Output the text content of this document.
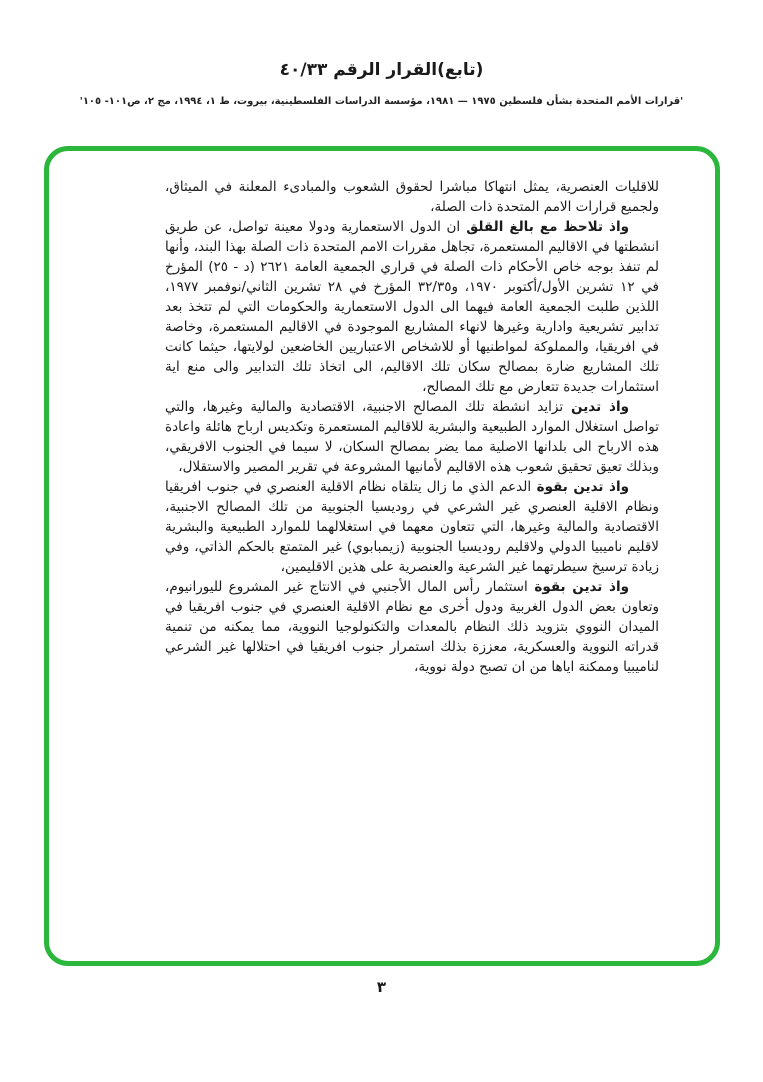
(تابع)القرار الرقم ٤٠/٣٣
'قرارات الأمم المتحدة بشأن فلسطين ١٩٧٥ — ١٩٨١، مؤسسة الدراسات الفلسطينية، بيروت، ط ١، ١٩٩٤، مج ٢، ص١٠١- ١٠٥'

للاقليات العنصرية، يمثل انتهاكا مباشرا لحقوق الشعوب والمبادىء المعلنة في الميثاق، ولجميع قرارات الامم المتحدة ذات الصلة،

واذ تلاحظ مع بالغ القلق ان الدول الاستعمارية ودولا معينة تواصل، عن طريق انشطتها في الاقاليم المستعمرة، تجاهل مقررات الامم المتحدة ذات الصلة بهذا البند، وأنها لم تنفذ بوجه خاص الأحكام ذات الصلة في قراري الجمعية العامة ٢٦٢١ (د - ٢٥) المؤرخ في ١٢ تشرين الأول/أكتوبر ١٩٧٠، و٣٢/٣٥ المؤرخ في ٢٨ تشرين الثاني/نوفمبر ١٩٧٧، اللذين طلبت الجمعية العامة فيهما الى الدول الاستعمارية والحكومات التي لم تتخذ بعد تدابير تشريعية وادارية وغيرها لانهاء المشاريع الموجودة في الاقاليم المستعمرة، وخاصة في افريقيا، والمملوكة لمواطنيها أو للاشخاص الاعتباريين الخاضعين لولايتها، حيثما كانت تلك المشاريع ضارة بمصالح سكان تلك الاقاليم، الى اتخاذ تلك التدابير والى منع اية استثمارات جديدة تتعارض مع تلك المصالح،

واذ تدين تزايد انشطة تلك المصالح الاجنبية، الاقتصادية والمالية وغيرها، والتي تواصل استغلال الموارد الطبيعية والبشرية للاقاليم المستعمرة وتكديس ارباح هائلة واعادة هذه الارباح الى بلدانها الاصلية مما يضر بمصالح السكان، لا سيما في الجنوب الافريقي، وبذلك تعيق تحقيق شعوب هذه الاقاليم لأمانيها المشروعة في تقرير المصير والاستقلال،

واذ تدين بقوة الدعم الذي ما زال يتلقاه نظام الاقلية العنصري في جنوب افريقيا ونظام الاقلية العنصري غير الشرعي في روديسيا الجنوبية من تلك المصالح الاجنبية، الاقتصادية والمالية وغيرها، التي تتعاون معهما في استغلالهما للموارد الطبيعية والبشرية لاقليم ناميبيا الدولي ولاقليم روديسيا الجنوبية (زيمبابوي) غير المتمتع بالحكم الذاتي، وفي زيادة ترسيخ سيطرتهما غير الشرعية والعنصرية على هذين الاقليمين،

واذ تدين بقوة استثمار رأس المال الأجنبي في الانتاج غير المشروع لليورانيوم، وتعاون بعض الدول الغربية ودول أخرى مع نظام الاقلية العنصري في جنوب افريقيا في الميدان النووي بتزويد ذلك النظام بالمعدات والتكنولوجيا النووية، مما يمكنه من تنمية قدراته النووية والعسكرية، معززة بذلك استمرار جنوب افريقيا في احتلالها غير الشرعي لناميبيا وممكنة اياها من ان تصبح دولة نووية،

٣
